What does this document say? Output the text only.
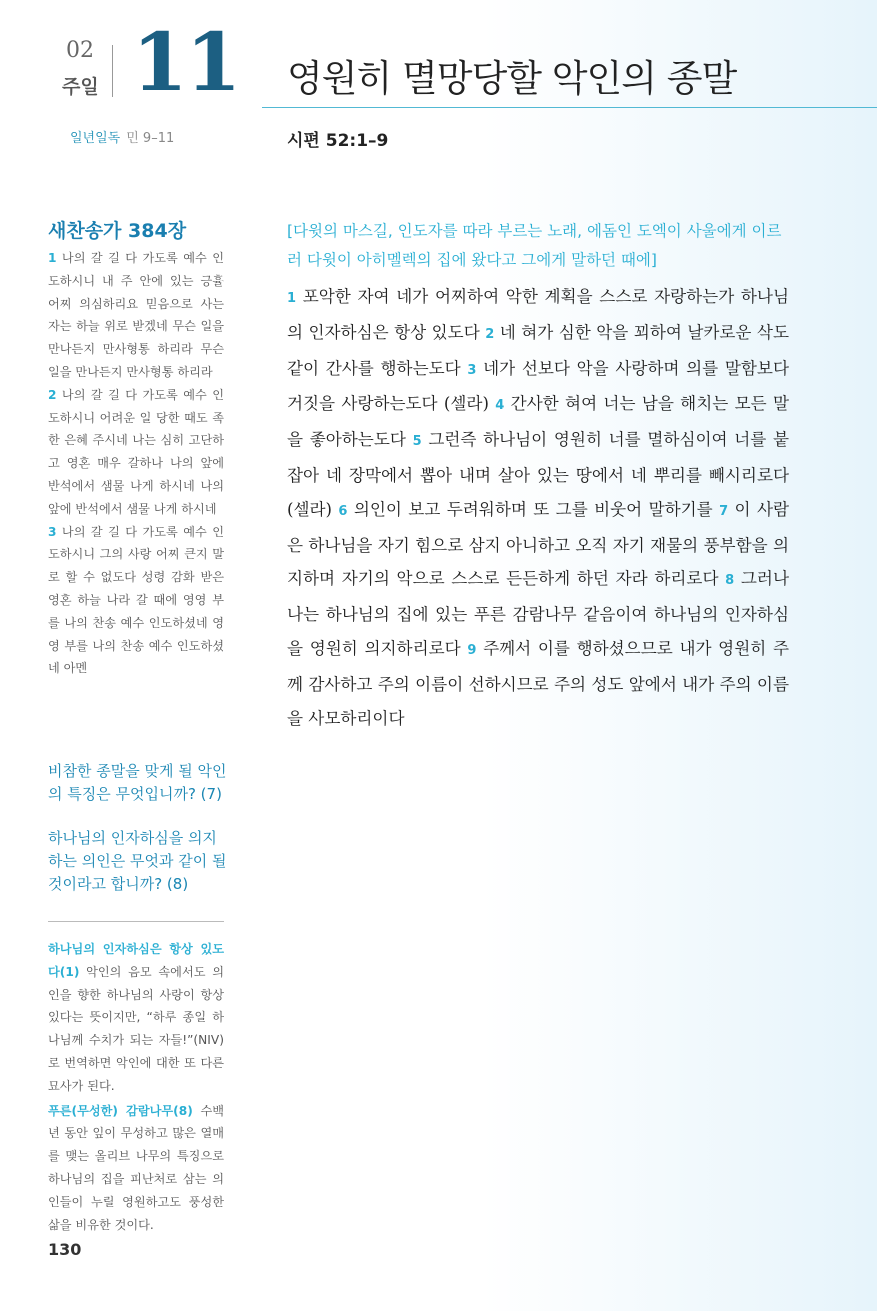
02
주일 11 영원히 멸망당할 악인의 종말
일년일독 민 9–11	시편 52:1–9
새찬송가 384장

1 나의 갈 길 다 가도록 예수 인도하시니 내 주 안에 있는 긍휼 어찌 의심하리요 믿음으로 사는 자는 하늘 위로 받겠네 무슨 일을 만나든지 만사형통 하리라 무슨 일을 만나든지 만사형통 하리라

2 나의 갈 길 다 가도록 예수 인도하시니 어려운 일 당한 때도 족한 은혜 주시네 나는 심히 고단하고 영혼 매우 갈하나 나의 앞에 반석에서 샘물 나게 하시네 나의 앞에 반석에서 샘물 나게 하시네

3 나의 갈 길 다 가도록 예수 인도하시니 그의 사랑 어찌 큰지 말로 할 수 없도다 성령 감화 받은 영혼 하늘 나라 갈 때에 영영 부를 나의 찬송 예수 인도하셨네 영영 부를 나의 찬송 예수 인도하셨네 아멘

비참한 종말을 맞게 될 악인의 특징은 무엇입니까? (7)
하나님의 인자하심을 의지하는 의인은 무엇과 같이 될 것이라고 합니까? (8)

하나님의 인자하심은 항상 있도다(1) 악인의 음모 속에서도 의인을 향한 하나님의 사랑이 항상 있다는 뜻이지만, “하루 종일 하나님께 수치가 되는 자들!”(NIV)로 번역하면 악인에 대한 또 다른 묘사가 된다.

푸른(무성한) 감람나무(8) 수백 년 동안 잎이 무성하고 많은 열매를 맺는 올리브 나무의 특징으로 하나님의 집을 피난처로 삼는 의인들이 누릴 영원하고도 풍성한 삶을 비유한 것이다.

130
[다윗의 마스길, 인도자를 따라 부르는 노래, 에돔인 도엑이 사울에게 이르러 다윗이 아히멜렉의 집에 왔다고 그에게 말하던 때에]
1 포악한 자여 네가 어찌하여 악한 계획을 스스로 자랑하는가 하나님의 인자하심은 항상 있도다 2 네 혀가 심한 악을 꾀하여 날카로운 삭도 같이 간사를 행하는도다 3 네가 선보다 악을 사랑하며 의를 말함보다 거짓을 사랑하는도다 (셀라) 4 간사한 혀여 너는 남을 해치는 모든 말을 좋아하는도다 5 그런즉 하나님이 영원히 너를 멸하심이여 너를 붙잡아 네 장막에서 뽑아 내며 살아 있는 땅에서 네 뿌리를 빼시리로다 (셀라) 6 의인이 보고 두려워하며 또 그를 비웃어 말하기를 7 이 사람은 하나님을 자기 힘으로 삼지 아니하고 오직 자기 재물의 풍부함을 의지하며 자기의 악으로 스스로 든든하게 하던 자라 하리로다 8 그러나 나는 하나님의 집에 있는 푸른 감람나무 같음이여 하나님의 인자하심을 영원히 의지하리로다 9 주께서 이를 행하셨으므로 내가 영원히 주께 감사하고 주의 이름이 선하시므로 주의 성도 앞에서 내가 주의 이름을 사모하리이다
